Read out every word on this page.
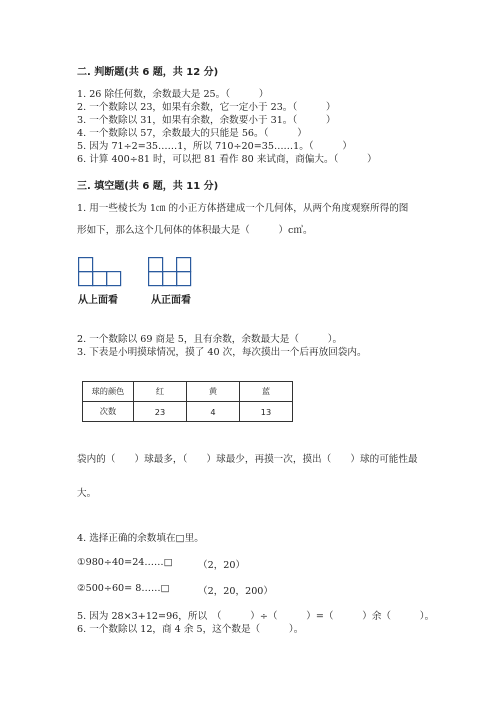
二. 判断题(共 6 题，共 12 分)
1. 26 除任何数，余数最大是 25。（　　　）
2. 一个数除以 23，如果有余数，它一定小于 23。（　　　）
3. 一个数除以 31，如果有余数，余数要小于 31。（　　　）
4. 一个数除以 57，余数最大的只能是 56。（　　　）
5. 因为 71÷2=35……1，所以 710÷20=35……1。（　　　）
6. 计算 400÷81 时，可以把 81 看作 80 来试商，商偏大。（　　　）
三. 填空题(共 6 题，共 11 分)
1. 用一些棱长为 1㎝ 的小正方体搭建成一个几何体，从两个角度观察所得的图
形如下，那么这个几何体的体积最大是（　　　）c㎥。
从上面看	从正面看
2. 一个数除以 69 商是 5，且有余数，余数最大是（　　　）。
3. 下表是小明摸球情况，摸了 40 次，每次摸出一个后再放回袋内。
球的颜色	红	黄	蓝
次数	23	4	13
袋内的（　　）球最多，（　　）球最少，再摸一次，摸出（　　）球的可能性最
大。
4. 选择正确的余数填在□里。
①980÷40=24……□	（2，20）
②500÷60= 8……□	（2，20，200）
5. 因为 28×3+12=96，所以　（　　　）÷（　　　）=（　　　）余（　　　）。
6. 一个数除以 12，商 4 余 5，这个数是（　　　）。
